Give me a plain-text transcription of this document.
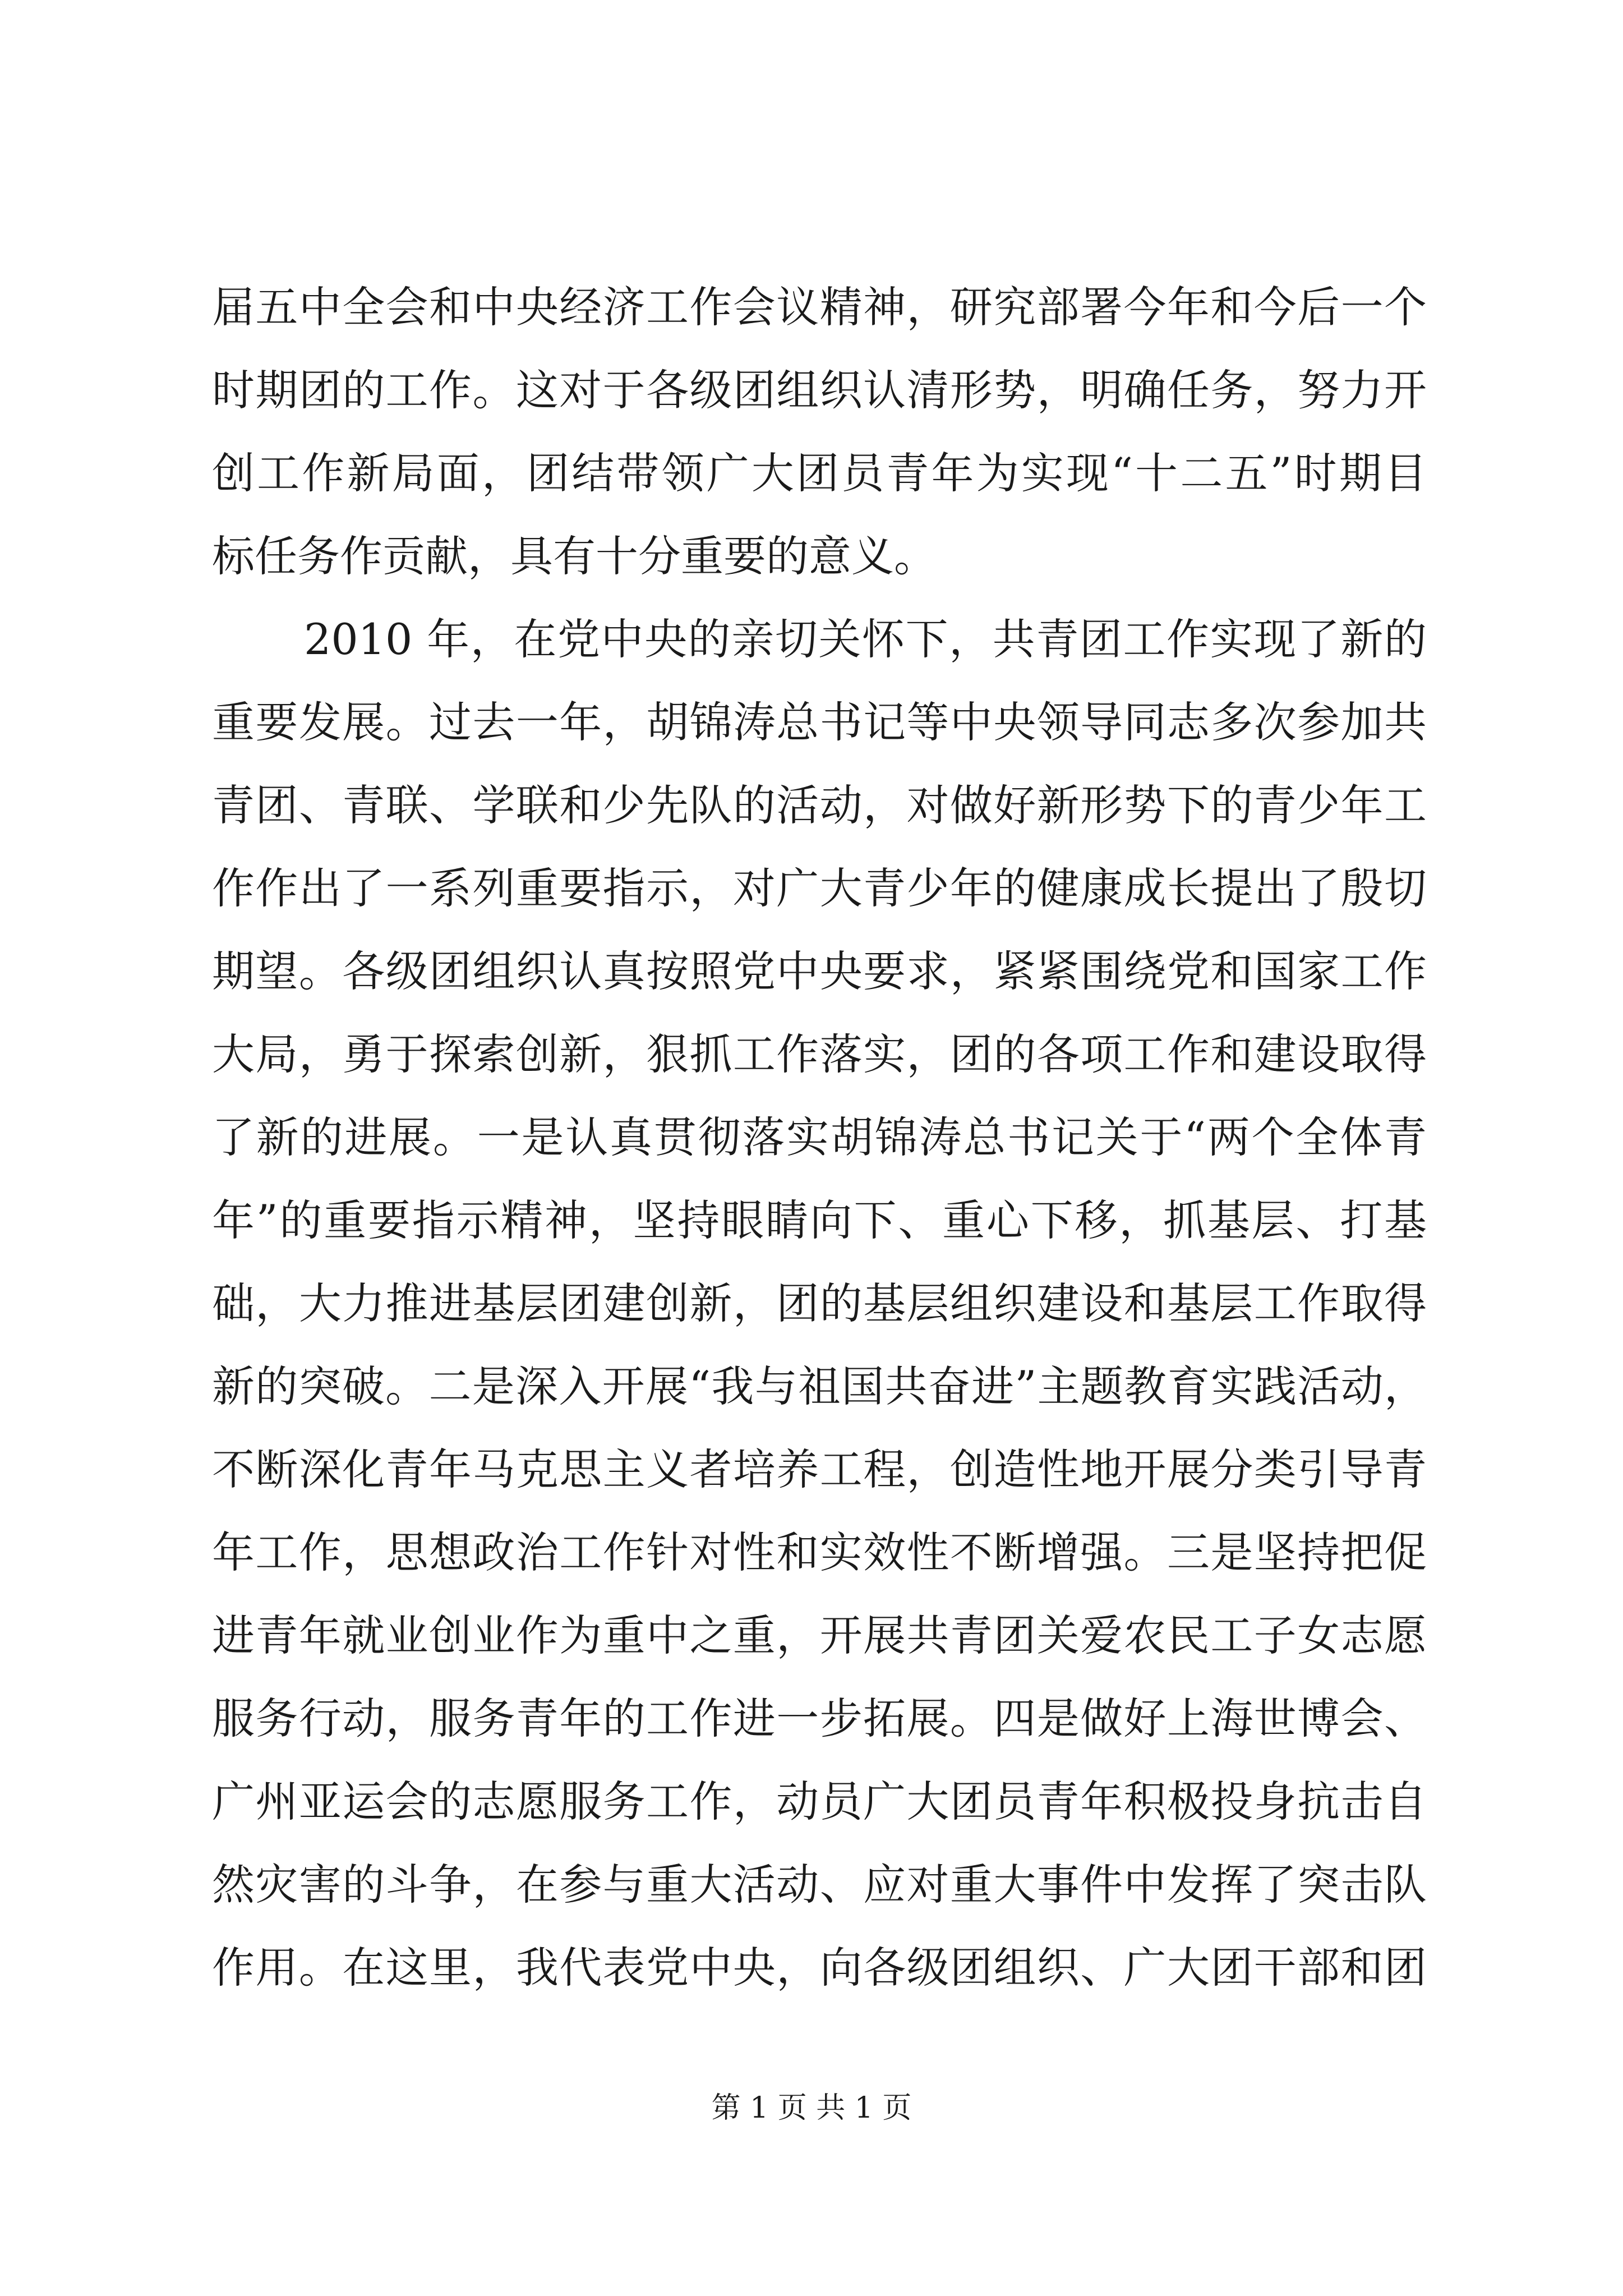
届五中全会和中央经济工作会议精神，研究部署今年和今后一个
时期团的工作。这对于各级团组织认清形势，明确任务，努力开
创工作新局面，团结带领广大团员青年为实现“十二五”时期目
标任务作贡献，具有十分重要的意义。
2010 年，在党中央的亲切关怀下，共青团工作实现了新的
重要发展。过去一年，胡锦涛总书记等中央领导同志多次参加共
青团、青联、学联和少先队的活动，对做好新形势下的青少年工
作作出了一系列重要指示，对广大青少年的健康成长提出了殷切
期望。各级团组织认真按照党中央要求，紧紧围绕党和国家工作
大局，勇于探索创新，狠抓工作落实，团的各项工作和建设取得
了新的进展。一是认真贯彻落实胡锦涛总书记关于“两个全体青
年”的重要指示精神，坚持眼睛向下、重心下移，抓基层、打基
础，大力推进基层团建创新，团的基层组织建设和基层工作取得
新的突破。二是深入开展“我与祖国共奋进”主题教育实践活动，
不断深化青年马克思主义者培养工程，创造性地开展分类引导青
年工作，思想政治工作针对性和实效性不断增强。三是坚持把促
进青年就业创业作为重中之重，开展共青团关爱农民工子女志愿
服务行动，服务青年的工作进一步拓展。四是做好上海世博会、
广州亚运会的志愿服务工作，动员广大团员青年积极投身抗击自
然灾害的斗争，在参与重大活动、应对重大事件中发挥了突击队
作用。在这里，我代表党中央，向各级团组织、广大团干部和团
第 1 页 共 1 页
